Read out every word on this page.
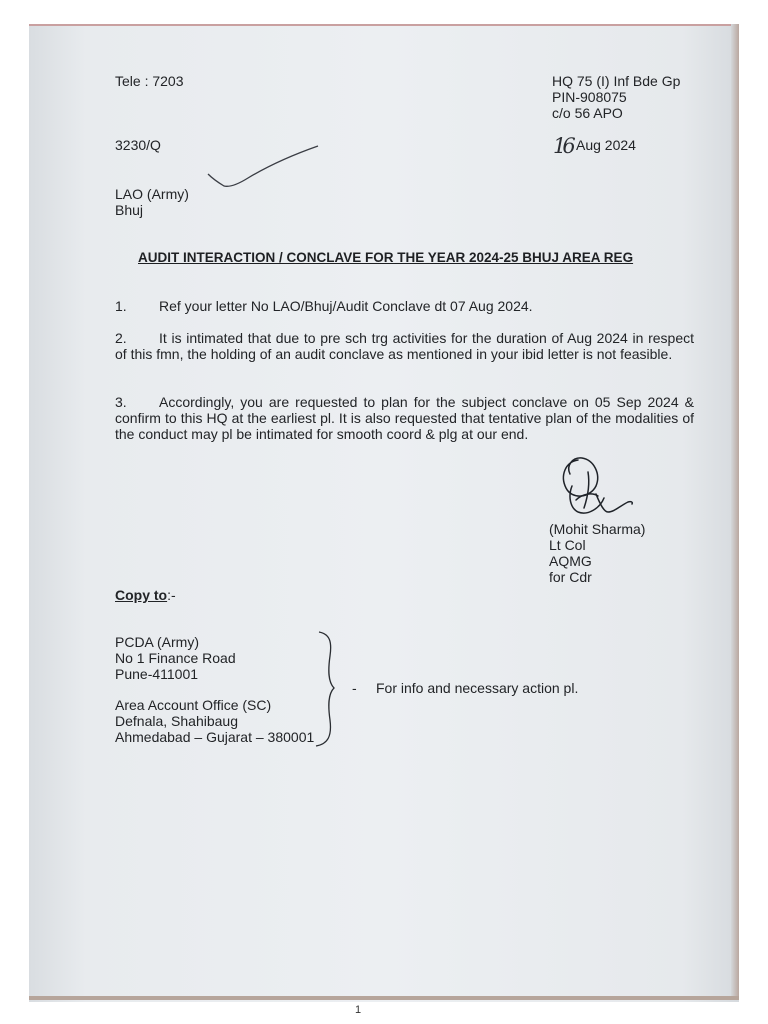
Tele : 7203	HQ 75 (I) Inf Bde Gp
PIN-908075
c/o 56 APO
3230/Q	16 Aug 2024
LAO (Army)
Bhuj
AUDIT INTERACTION / CONCLAVE FOR THE YEAR 2024-25 BHUJ AREA REG
1. Ref your letter No LAO/Bhuj/Audit Conclave dt 07 Aug 2024.
2. It is intimated that due to pre sch trg activities for the duration of Aug 2024 in respect of this fmn, the holding of an audit conclave as mentioned in your ibid letter is not feasible.
3. Accordingly, you are requested to plan for the subject conclave on 05 Sep 2024 & confirm to this HQ at the earliest pl. It is also requested that tentative plan of the modalities of the conduct may pl be intimated for smooth coord & plg at our end.
(Mohit Sharma)
Lt Col
AQMG
for Cdr
Copy to:-
PCDA (Army)
No 1 Finance Road
Pune-411001
Area Account Office (SC)
Defnala, Shahibaug
Ahmedabad – Gujarat – 380001
- For info and necessary action pl.
1
